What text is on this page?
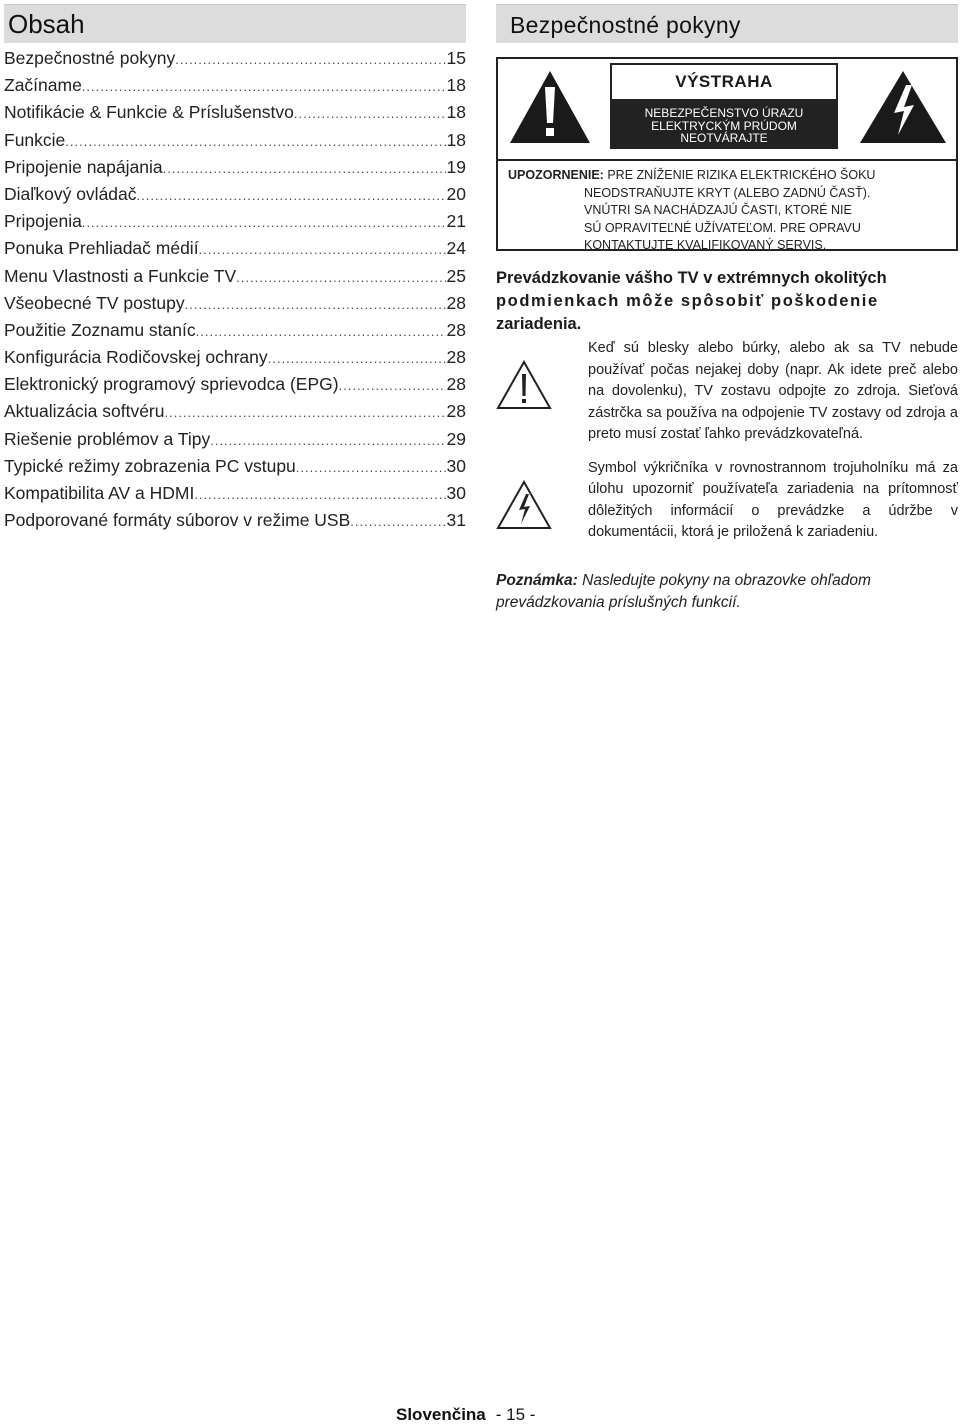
Obsah
Bezpečnostné pokyny .....	15
Začíname .....	18
Notifikácie & Funkcie & Príslušenstvo .....	18
Funkcie .....	18
Pripojenie napájania .....	19
Diaľkový ovládač .....	20
Pripojenia .....	21
Ponuka Prehliadač médií .....	24
Menu Vlastnosti a Funkcie TV .....	25
Všeobecné TV postupy .....	28
Použitie Zoznamu staníc .....	28
Konfigurácia Rodičovskej ochrany .....	28
Elektronický programový sprievodca (EPG) .....	28
Aktualizácia softvéru .....	28
Riešenie problémov a Tipy .....	29
Typické režimy zobrazenia PC vstupu .....	30
Kompatibilita AV a HDMI .....	30
Podporované formáty súborov v režime USB .....	31
Bezpečnostné pokyny
VÝSTRAHA
NEBEZPEČENSTVO ÚRAZU
ELEKTRYCKÝM PRÚDOM
NEOTVÁRAJTE
UPOZORNENIE: PRE ZNÍŽENIE RIZIKA ELEKTRICKÉHO ŠOKU
NEODSTRAŇUJTE KRYT (ALEBO ZADNÚ ČASŤ).
VNÚTRI SA NACHÁDZAJÚ ČASTI, KTORÉ NIE
SÚ OPRAVITEĽNÉ UŽÍVATEĽOM. PRE OPRAVU
KONTAKTUJTE KVALIFIKOVANÝ SERVIS.
Prevádzkovanie vášho TV v extrémnych okolitých
podmienkach môže spôsobiť poškodenie
zariadenia.
Keď sú blesky alebo búrky, alebo ak sa TV nebude používať počas nejakej doby (napr. Ak idete preč alebo na dovolenku), TV zostavu odpojte zo zdroja. Sieťová zástrčka sa používa na odpojenie TV zostavy od zdroja a preto musí zostať ľahko prevádzkovateľná.
Symbol výkričníka v rovnostrannom trojuholníku má za úlohu upozorniť používateľa zariadenia na prítomnosť dôležitých informácií o prevádzke a údržbe v dokumentácii, ktorá je priložená k zariadeniu.
Poznámka: Nasledujte pokyny na obrazovke ohľadom prevádzkovania príslušných funkcií.
Slovenčina - 15 -
